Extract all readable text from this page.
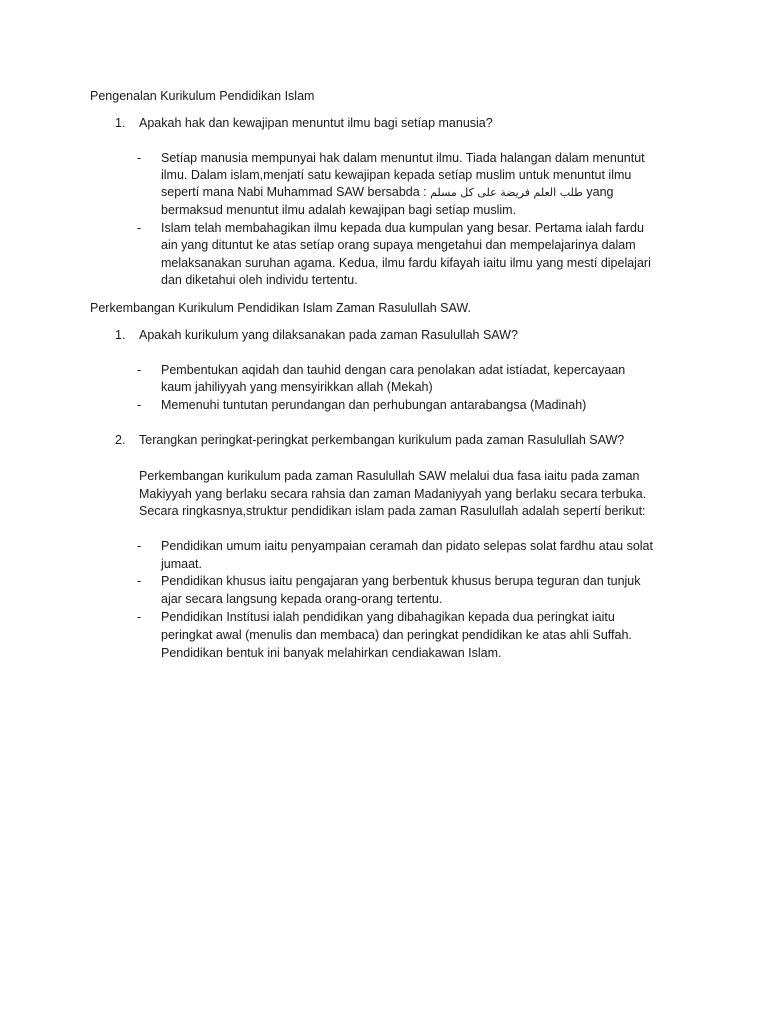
Pengenalan Kurikulum Pendidikan Islam
1. Apakah hak dan kewajipan menuntut ilmu bagi setíap manusia?
- Setíap manusia mempunyai hak dalam menuntut ilmu. Tiada halangan dalam menuntut
ilmu. Dalam islam,menjatí satu kewajipan kepada setíap muslim untuk menuntut ilmu
sepertí mana Nabi Muhammad SAW bersabda : طلب العلم فريضة على كل مسلم yang
bermaksud menuntut ilmu adalah kewajipan bagi setíap muslim.
- Islam telah membahagikan ilmu kepada dua kumpulan yang besar. Pertama ialah fardu
ain yang dituntut ke atas setíap orang supaya mengetahui dan mempelajarinya dalam
melaksanakan suruhan agama. Kedua, ilmu fardu kifayah iaitu ilmu yang mestí dipelajari
dan diketahui oleh individu tertentu.
Perkembangan Kurikulum Pendidikan Islam Zaman Rasulullah SAW.
1. Apakah kurikulum yang dilaksanakan pada zaman Rasulullah SAW?
- Pembentukan aqidah dan tauhid dengan cara penolakan adat istíadat, kepercayaan
kaum jahiliyyah yang mensyirikkan allah (Mekah)
- Memenuhi tuntutan perundangan dan perhubungan antarabangsa (Madinah)
2. Terangkan peringkat-peringkat perkembangan kurikulum pada zaman Rasulullah SAW?
Perkembangan kurikulum pada zaman Rasulullah SAW melalui dua fasa iaitu pada zaman
Makiyyah yang berlaku secara rahsia dan zaman Madaniyyah yang berlaku secara terbuka.
Secara ringkasnya,struktur pendidikan islam pada zaman Rasulullah adalah sepertí berikut:
- Pendidikan umum iaitu penyampaian ceramah dan pidato selepas solat fardhu atau solat
jumaat.
- Pendidikan khusus iaitu pengajaran yang berbentuk khusus berupa teguran dan tunjuk
ajar secara langsung kepada orang-orang tertentu.
- Pendidikan Instítusi ialah pendidikan yang dibahagikan kepada dua peringkat iaitu
peringkat awal (menulis dan membaca) dan peringkat pendidikan ke atas ahli Suffah.
Pendidikan bentuk ini banyak melahirkan cendiakawan Islam.
